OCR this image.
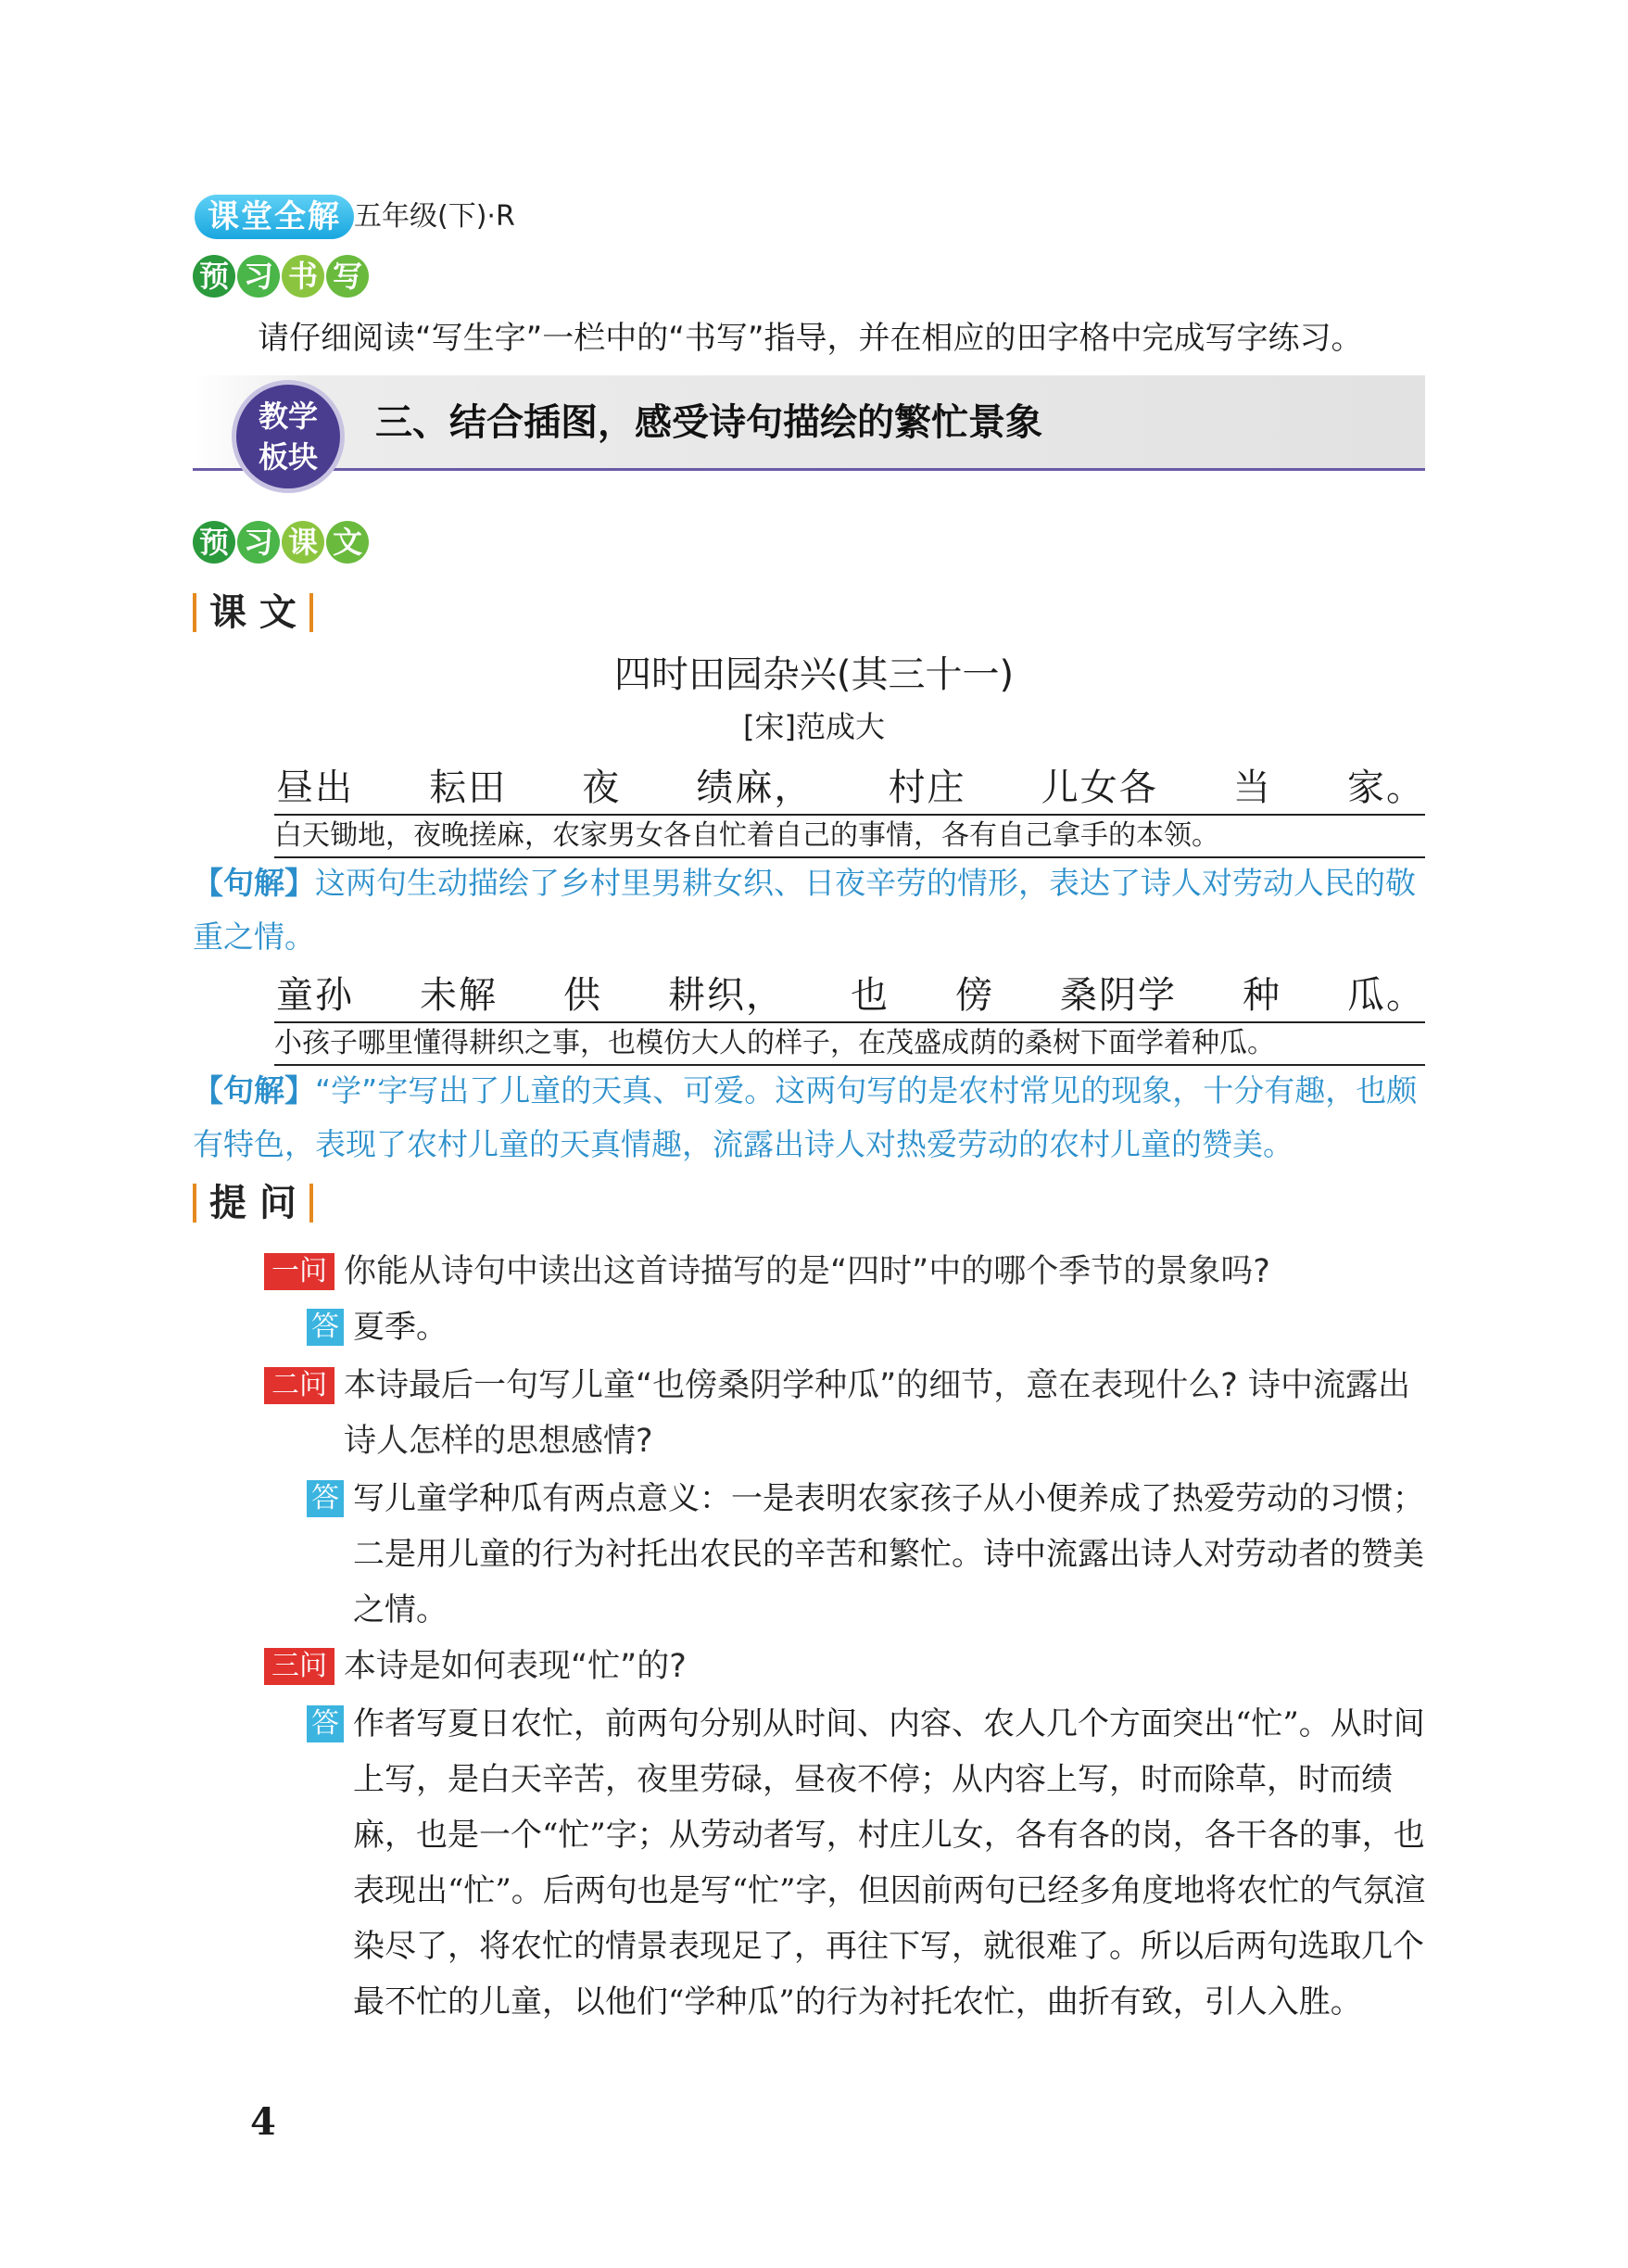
课堂全解 五年级(下)·R
预 习 书 写
请仔细阅读“写生字”一栏中的“书写”指导，并在相应的田字格中完成写字练习。
教学
板块
三、结合插图，感受诗句描绘的繁忙景象
预 习 课 文
课 文
四时田园杂兴(其三十一)
[宋]范成大
昼出 耘田 夜 绩麻， 村庄 儿女各 当 家。
白天锄地，夜晚搓麻，农家男女各自忙着自己的事情，各有自己拿手的本领。
【句解】这两句生动描绘了乡村里男耕女织、日夜辛劳的情形，表达了诗人对劳动人民的敬重之情。
童孙 未解 供 耕织， 也 傍 桑阴学 种 瓜。
小孩子哪里懂得耕织之事，也模仿大人的样子，在茂盛成荫的桑树下面学着种瓜。
【句解】“学”字写出了儿童的天真、可爱。这两句写的是农村常见的现象，十分有趣，也颇有特色，表现了农村儿童的天真情趣，流露出诗人对热爱劳动的农村儿童的赞美。
提 问
一问 你能从诗句中读出这首诗描写的是“四时”中的哪个季节的景象吗?
答 夏季。
二问 本诗最后一句写儿童“也傍桑阴学种瓜”的细节，意在表现什么? 诗中流露出诗人怎样的思想感情?
答 写儿童学种瓜有两点意义：一是表明农家孩子从小便养成了热爱劳动的习惯；二是用儿童的行为衬托出农民的辛苦和繁忙。诗中流露出诗人对劳动者的赞美之情。
三问 本诗是如何表现“忙”的?
答 作者写夏日农忙，前两句分别从时间、内容、农人几个方面突出“忙”。从时间上写，是白天辛苦，夜里劳碌，昼夜不停；从内容上写，时而除草，时而绩麻，也是一个“忙”字；从劳动者写，村庄儿女，各有各的岗，各干各的事，也表现出“忙”。后两句也是写“忙”字，但因前两句已经多角度地将农忙的气氛渲染尽了，将农忙的情景表现足了，再往下写，就很难了。所以后两句选取几个最不忙的儿童，以他们“学种瓜”的行为衬托农忙，曲折有致，引人入胜。
4
